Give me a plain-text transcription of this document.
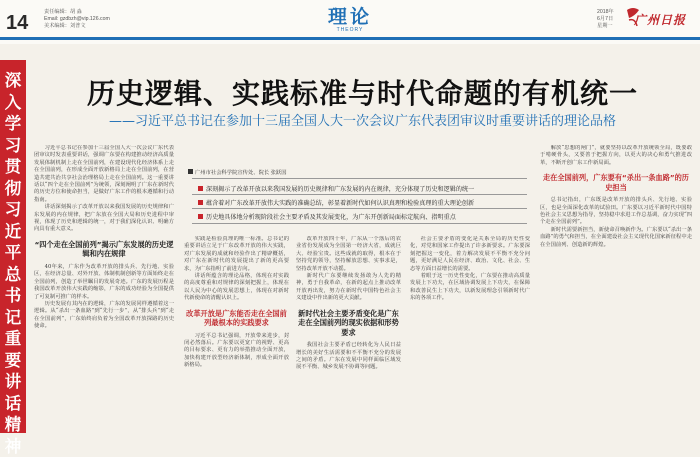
14	责任编辑：胡 淼
Email: gzdbzh@vip.126.com
美术编辑：刘普文	理论
THEORY
2018年
6月7日
星期一 广州日报
深入学习贯彻习近平总书记重要讲话精神
历史逻辑、实践标准与时代命题的有机统一
——习近平总书记在参加十三届全国人大一次会议广东代表团审议时重要讲话的理论品格
广州市社会科学院宣传处、院长 张跃国
深刻揭示了改革开放以来我国发展的历史规律和广东发展的内在规律，充分体现了历史和逻辑的统一
蕴含着对广东改革开放伟大实践的准确总结，彰显着新时代如何认识真理和检验真理的重大理论创新
历史地具体地分析现阶段社会主要矛盾及其发展变化，为广东开创新局面标定航向、指明重点

习近平总书记在参加十三届全国人大一次会议广东代表团审议时发表重要讲话，强调广东要在构建推动经济高质量发展体制机制上走在全国前列，在建设现代化经济体系上走在全国前列，在形成全面开放新格局上走在全国前列，在营造共建共治共享社会治理格局上走在全国前列。这一重要讲话以“四个走在全国前列”为统领，深刻阐明了广东在新时代的历史方位和使命担当，是做好广东工作的根本遵循和行动指南。

讲话深刻揭示了改革开放以来我国发展的历史规律和广东发展的内在规律，把广东放在全国大局和历史进程中审视，体现了历史和逻辑的统一，对于我们深化认识、明确方向具有重大意义。

“四个走在全国前列”揭示广东发展的历史逻辑和内在规律

40年来，广东作为改革开放的排头兵、先行地、实验区，在经济总量、对外开放、体制机制创新等方面始终走在全国前列，创造了举世瞩目的发展奇迹。广东的发展历程是我国改革开放伟大实践的缩影，广东的成功经验为全国提供了可复制可推广的样本。

历史发展有其内在的逻辑，广东的发展同样遵循着这一逻辑。从“杀出一条血路”到“先行一步”，从“排头兵”到“走在全国前列”，广东始终肩负着为全国改革开放探路的历史使命。

实践是检验真理的唯一标准。总书记的重要讲话立足于广东改革开放的伟大实践，对广东发展的成就和经验作出了精辟概括，对广东在新时代的发展提出了新的更高要求，为广东指明了前进方向。

讲话所蕴含的理论品格，体现在对实践的高度尊重和对规律的深刻把握上，体现在以人民为中心的发展思想上，体现在对新时代新使命的清醒认识上。

改革开放是广东能否走在全国前列最根本的实践要求

习近平总书记强调，开放带来进步，封闭必然落后。广东要以更宽广的视野、更高的目标要求、更有力的举措推动全面开放，加快构建开放型经济新体制，形成全面开放新格局。

改革开放四十年，广东从一个落后的农业省份发展成为全国第一经济大省，成就巨大、经验宝贵。这些成就的取得，根本在于坚持党的领导，坚持解放思想、实事求是，坚持改革开放不动摇。

新时代广东要继续发扬敢为人先的精神，勇于自我革命，在新的起点上推动改革开放再出发，努力在新时代中国特色社会主义建设中作出新的更大贡献。

新时代社会主要矛盾变化是广东走在全国前列的现实依据和形势要求

我国社会主要矛盾已经转化为人民日益增长的美好生活需要和不平衡不充分的发展之间的矛盾。广东在发展中同样面临区域发展不平衡、城乡发展不协调等问题。

社会主要矛盾的变化是关系全局的历史性变化，对党和国家工作提出了许多新要求。广东要深刻把握这一变化，着力解决发展不平衡不充分问题，更好满足人民在经济、政治、文化、社会、生态等方面日益增长的需要。

着眼于这一历史性变化，广东要在推动高质量发展上下功夫，在区域协调发展上下功夫，在保障和改善民生上下功夫，以新发展理念引领新时代广东的各项工作。

解放“思想的闸门”，就要坚持以改革开放统领全局，既要敢于啃硬骨头，又要善于把握方向，以更大的决心和勇气推进改革，不断开创广东工作新局面。

走在全国前列，广东要有“杀出一条血路”的历史担当

总书记指出，广东既是改革开放的排头兵、先行地、实验区，也是全面深化改革的试验田。广东要以习近平新时代中国特色社会主义思想为指导，坚持稳中求进工作总基调，奋力实现“四个走在全国前列”。

新时代需要新担当，新使命召唤新作为。广东要以“杀出一条血路”的勇气和担当，在全面建设社会主义现代化国家新征程中走在全国前列、创造新的辉煌。
